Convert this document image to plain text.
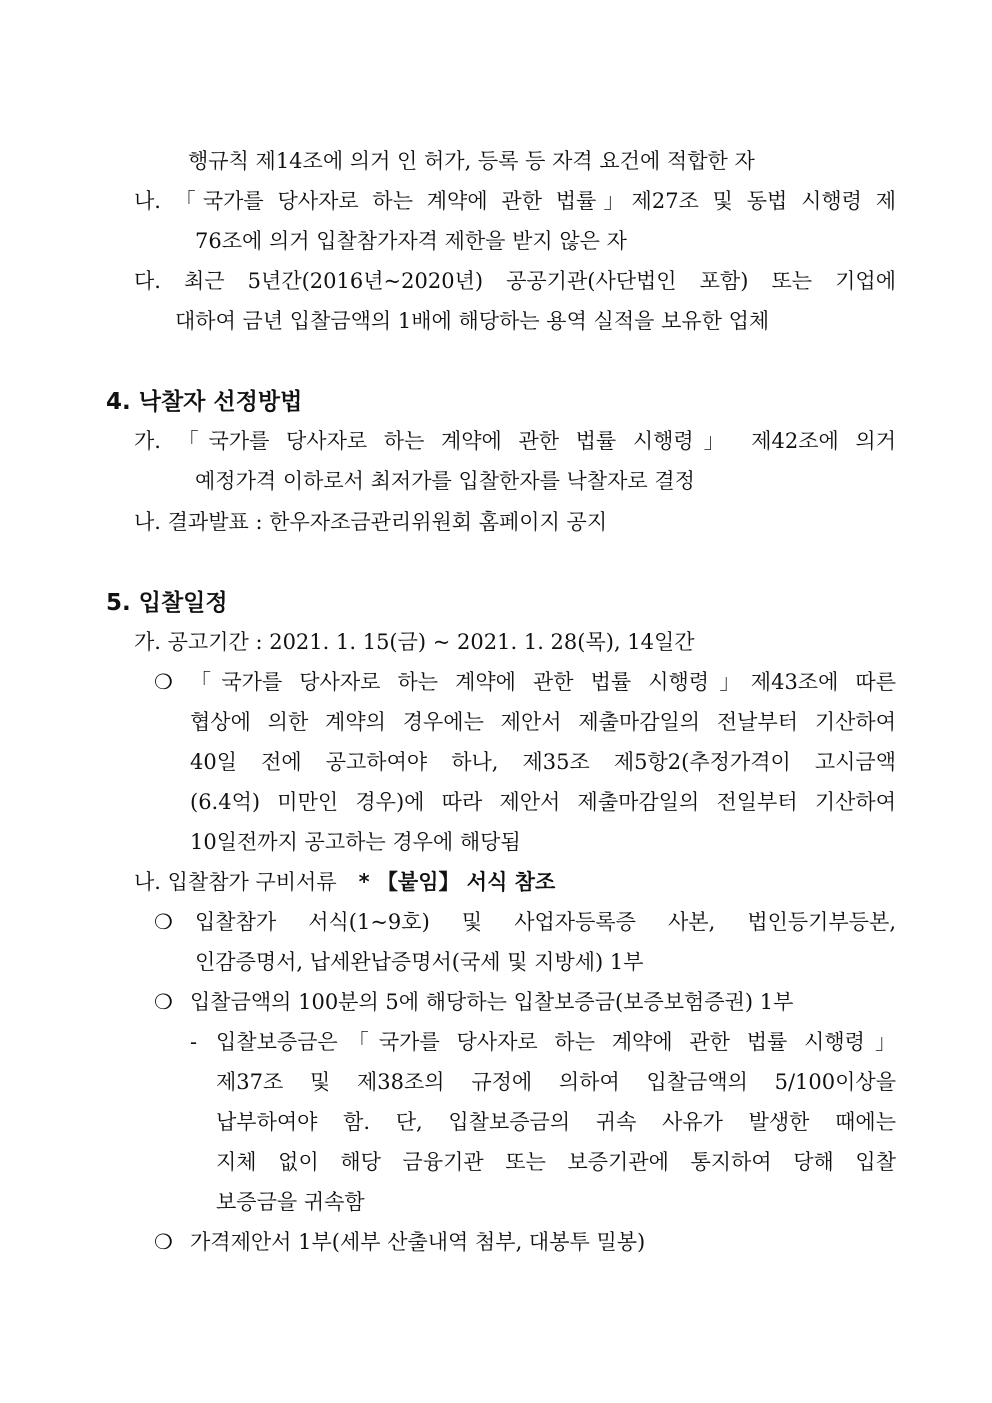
행규칙 제14조에 의거 인 허가, 등록 등 자격 요건에 적합한 자
나. 「국가를 당사자로 하는 계약에 관한 법률」제27조 및 동법 시행령 제
76조에 의거 입찰참가자격 제한을 받지 않은 자
다. 최근 5년간(2016년~2020년) 공공기관(사단법인 포함) 또는 기업에
대하여 금년 입찰금액의 1배에 해당하는 용역 실적을 보유한 업체
4. 낙찰자 선정방법
가. 「국가를 당사자로 하는 계약에 관한 법률 시행령」 제42조에 의거
예정가격 이하로서 최저가를 입찰한자를 낙찰자로 결정
나. 결과발표 : 한우자조금관리위원회 홈페이지 공지
5. 입찰일정
가. 공고기간 : 2021. 1. 15(금) ~ 2021. 1. 28(목), 14일간
❍ 「국가를 당사자로 하는 계약에 관한 법률 시행령」제43조에 따른
협상에 의한 계약의 경우에는 제안서 제출마감일의 전날부터 기산하여
40일 전에 공고하여야 하나, 제35조 제5항2(추정가격이 고시금액
(6.4억) 미만인 경우)에 따라 제안서 제출마감일의 전일부터 기산하여
10일전까지 공고하는 경우에 해당됨
나. 입찰참가 구비서류 * 【붙임】 서식 참조
❍	입찰참가 서식(1~9호) 및 사업자등록증 사본, 법인등기부등본,
인감증명서, 납세완납증명서(국세 및 지방세) 1부
❍ 입찰금액의 100분의 5에 해당하는 입찰보증금(보증보험증권) 1부
- 입찰보증금은「국가를 당사자로 하는 계약에 관한 법률 시행령」
제37조 및 제38조의 규정에 의하여 입찰금액의 5/100이상을
납부하여야 함. 단, 입찰보증금의 귀속 사유가 발생한 때에는
지체 없이 해당 금융기관 또는 보증기관에 통지하여 당해 입찰
보증금을 귀속함
❍ 가격제안서 1부(세부 산출내역 첨부, 대봉투 밀봉)
